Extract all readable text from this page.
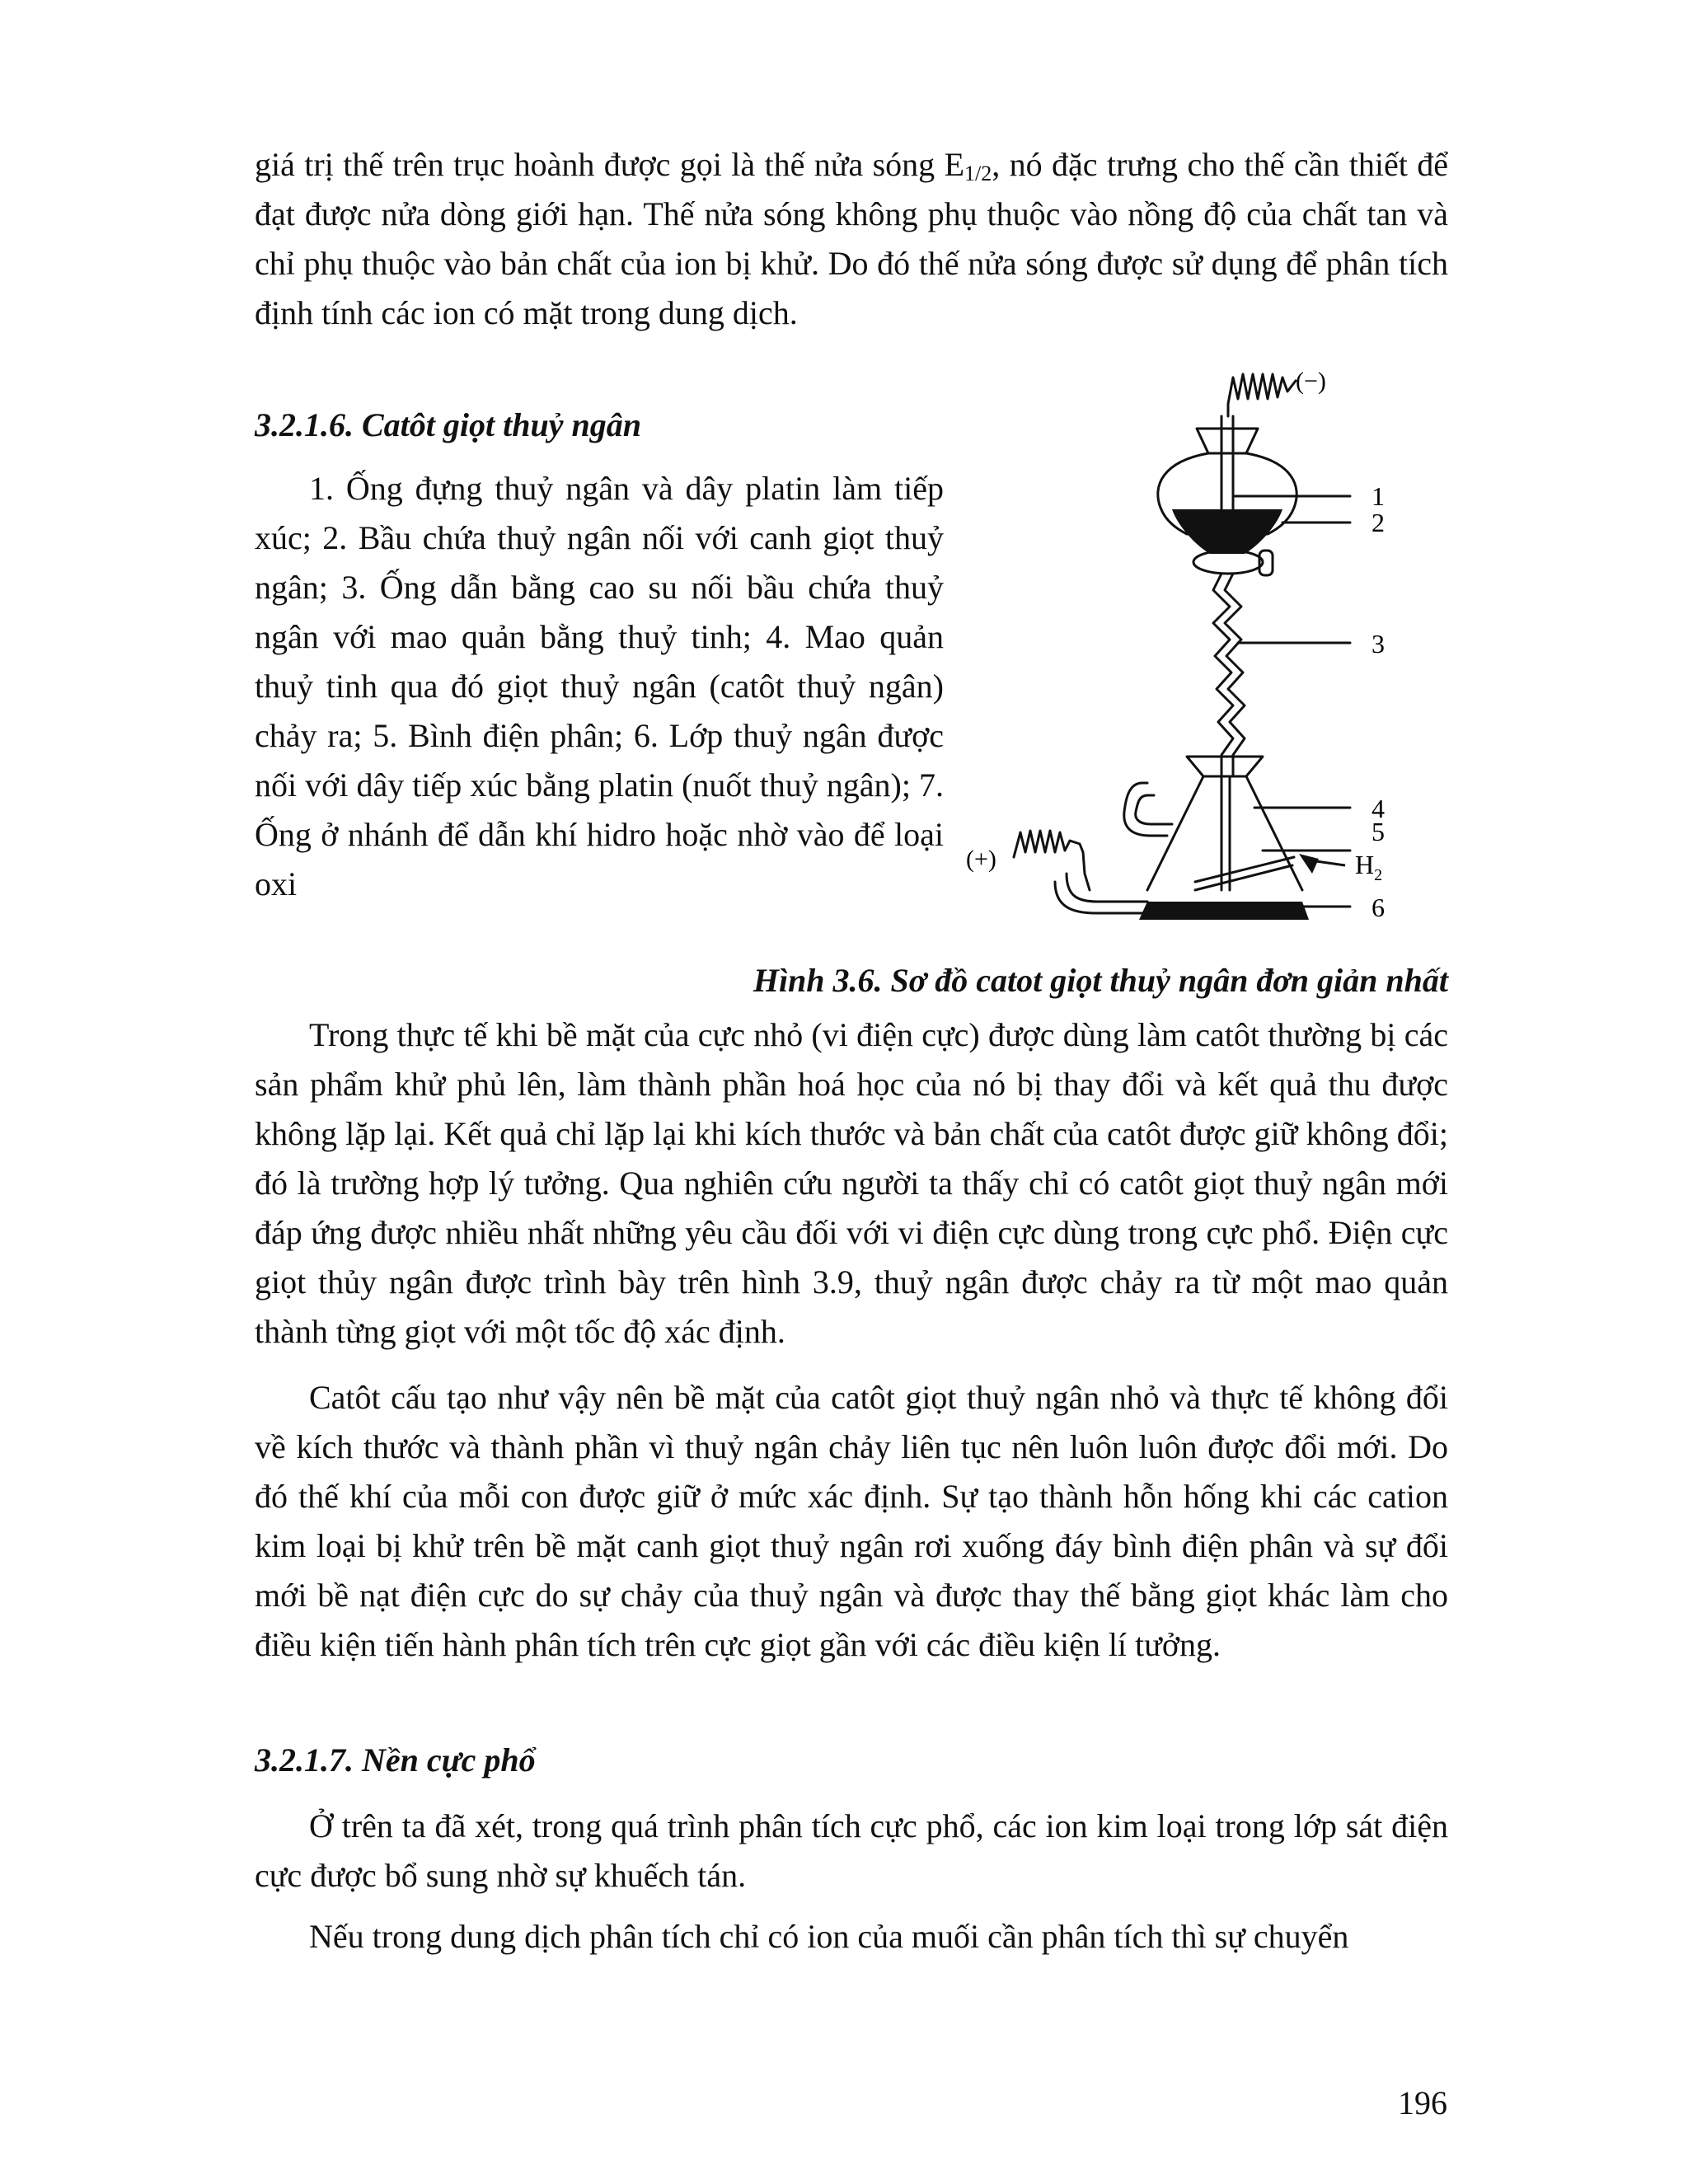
giá trị thế trên trục hoành được gọi là thế nửa sóng $E_{1/2}$, nó đặc trưng cho thế cần thiết để đạt được nửa dòng giới hạn. Thế nửa sóng không phụ thuộc vào nồng độ của chất tan và chỉ phụ thuộc vào bản chất của ion bị khử. Do đó thế nửa sóng được sử dụng để phân tích định tính các ion có mặt trong dung dịch.

3.2.1.6. Catôt giọt thuỷ ngân

1. Ống đựng thuỷ ngân và dây platin làm tiếp xúc; 2. Bầu chứa thuỷ ngân nối với canh giọt thuỷ ngân; 3. Ống dẫn bằng cao su nối bầu chứa thuỷ ngân với mao quản bằng thuỷ tinh; 4. Mao quản thuỷ tinh qua đó giọt thuỷ ngân (catôt thuỷ ngân) chảy ra; 5. Bình điện phân; 6. Lớp thuỷ ngân được nối với dây tiếp xúc bằng platin (nuốt thuỷ ngân); 7. Ống ở nhánh để dẫn khí hidro hoặc nhờ vào để loại oxi

(−)
(+)
1
2
3
4
5
$H_2$
6

Hình 3.6. Sơ đồ catot giọt thuỷ ngân đơn giản nhất

Trong thực tế khi bề mặt của cực nhỏ (vi điện cực) được dùng làm catôt thường bị các sản phẩm khử phủ lên, làm thành phần hoá học của nó bị thay đổi và kết quả thu được không lặp lại. Kết quả chỉ lặp lại khi kích thước và bản chất của catôt được giữ không đổi; đó là trường hợp lý tưởng. Qua nghiên cứu người ta thấy chỉ có catôt giọt thuỷ ngân mới đáp ứng được nhiều nhất những yêu cầu đối với vi điện cực dùng trong cực phổ. Điện cực giọt thủy ngân được trình bày trên hình 3.9, thuỷ ngân được chảy ra từ một mao quản thành từng giọt với một tốc độ xác định.

Catôt cấu tạo như vậy nên bề mặt của catôt giọt thuỷ ngân nhỏ và thực tế không đổi về kích thước và thành phần vì thuỷ ngân chảy liên tục nên luôn luôn được đổi mới. Do đó thế khí của mỗi con được giữ ở mức xác định. Sự tạo thành hỗn hống khi các cation kim loại bị khử trên bề mặt canh giọt thuỷ ngân rơi xuống đáy bình điện phân và sự đổi mới bề nạt điện cực do sự chảy của thuỷ ngân và được thay thế bằng giọt khác làm cho điều kiện tiến hành phân tích trên cực giọt gần với các điều kiện lí tưởng.

3.2.1.7. Nền cực phổ

Ở trên ta đã xét, trong quá trình phân tích cực phổ, các ion kim loại trong lớp sát điện cực được bổ sung nhờ sự khuếch tán.

Nếu trong dung dịch phân tích chỉ có ion của muối cần phân tích thì sự chuyển

196
